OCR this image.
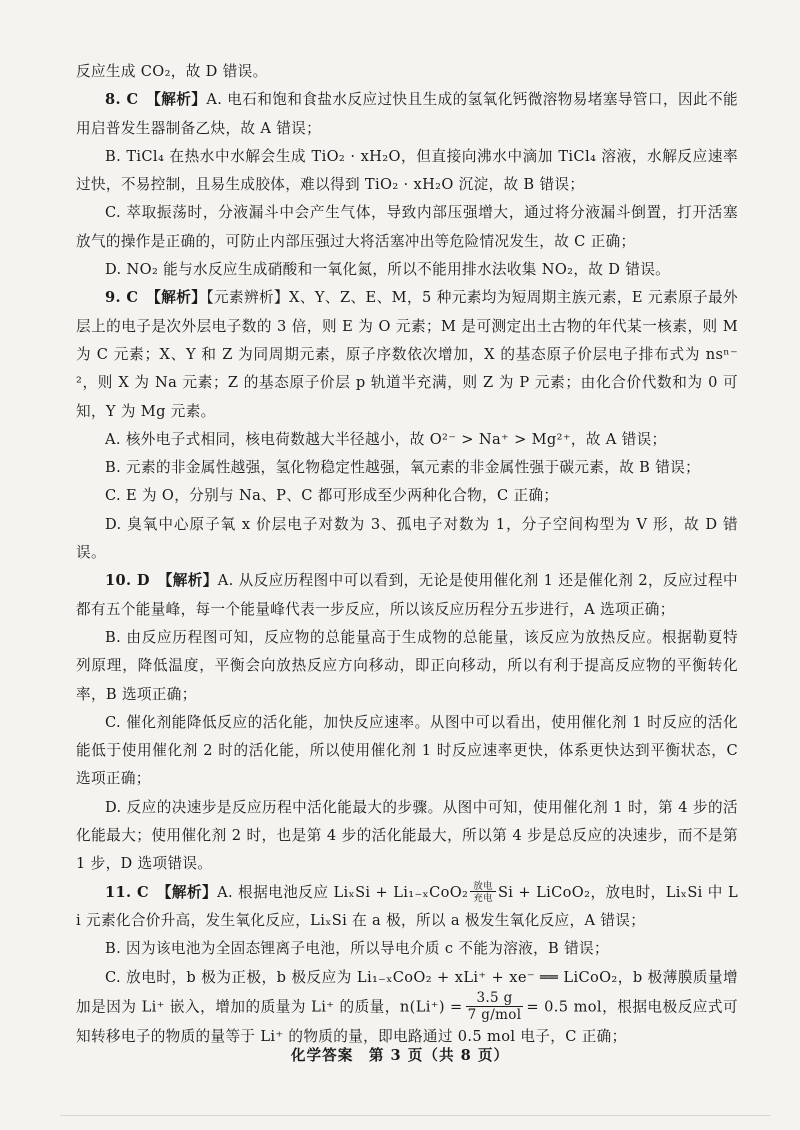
反应生成 CO₂，故 D 错误。

8. C　 【解析】A. 电石和饱和食盐水反应过快且生成的氢氧化钙微溶物易堵塞导管口，因此不能用启普发生器制备乙炔，故 A 错误；

B. TiCl₄ 在热水中水解会生成 TiO₂ · xH₂O，但直接向沸水中滴加 TiCl₄ 溶液，水解反应速率过快，不易控制，且易生成胶体，难以得到 TiO₂ · xH₂O 沉淀，故 B 错误；

C. 萃取振荡时，分液漏斗中会产生气体，导致内部压强增大，通过将分液漏斗倒置，打开活塞放气的操作是正确的，可防止内部压强过大将活塞冲出等危险情况发生，故 C 正确；

D. NO₂ 能与水反应生成硝酸和一氧化氮，所以不能用排水法收集 NO₂，故 D 错误。

9. C　 【解析】【元素辨析】X、Y、Z、E、M，5 种元素均为短周期主族元素，E 元素原子最外层上的电子是次外层电子数的 3 倍，则 E 为 O 元素；M 是可测定出土古物的年代某一核素，则 M 为 C 元素；X、Y 和 Z 为同周期元素，原子序数依次增加，X 的基态原子价层电子排布式为 nsⁿ⁻²，则 X 为 Na 元素；Z 的基态原子价层 p 轨道半充满，则 Z 为 P 元素；由化合价代数和为 0 可知，Y 为 Mg 元素。

A. 核外电子式相同，核电荷数越大半径越小，故 O²⁻ > Na⁺ > Mg²⁺，故 A 错误；

B. 元素的非金属性越强，氢化物稳定性越强，氧元素的非金属性强于碳元素，故 B 错误；

C. E 为 O，分别与 Na、P、C 都可形成至少两种化合物，C 正确；

D. 臭氧中心原子氧 x 价层电子对数为 3、孤电子对数为 1，分子空间构型为 V 形，故 D 错误。

10. D　 【解析】A. 从反应历程图中可以看到，无论是使用催化剂 1 还是催化剂 2，反应过程中都有五个能量峰，每一个能量峰代表一步反应，所以该反应历程分五步进行，A 选项正确；

B. 由反应历程图可知，反应物的总能量高于生成物的总能量，该反应为放热反应。根据勒夏特列原理，降低温度，平衡会向放热反应方向移动，即正向移动，所以有利于提高反应物的平衡转化率，B 选项正确；

C. 催化剂能降低反应的活化能，加快反应速率。从图中可以看出，使用催化剂 1 时反应的活化能低于使用催化剂 2 时的活化能，所以使用催化剂 1 时反应速率更快，体系更快达到平衡状态，C 选项正确；

D. 反应的决速步是反应历程中活化能最大的步骤。从图中可知，使用催化剂 1 时，第 4 步的活化能最大；使用催化剂 2 时，也是第 4 步的活化能最大，所以第 4 步是总反应的决速步，而不是第 1 步，D 选项错误。

11. C　 【解析】A. 根据电池反应 LiₓSi + Li₁₋ₓCoO₂ 放电
充电 Si + LiCoO₂，放电时，LiₓSi 中 Li 元素化合价升高，发生氧化反应，LiₓSi 在 a 极，所以 a 极发生氧化反应，A 错误；

B. 因为该电池为全固态锂离子电池，所以导电介质 c 不能为溶液，B 错误；

C. 放电时，b 极为正极，b 极反应为 Li₁₋ₓCoO₂ + xLi⁺ + xe⁻ ══ LiCoO₂，b 极薄膜质量增加是因为 Li⁺ 嵌入，增加的质量为 Li⁺ 的质量，$n(Li^+) = \frac{3.5 g}{\text{7 g/mol}} = 0.5$ mol，根据电极反应式可知转移电子的物质的量等于 Li⁺ 的物质的量，即电路通过 0.5 mol 电子，C 正确；

化学答案　第 3 页（共 8 页）
